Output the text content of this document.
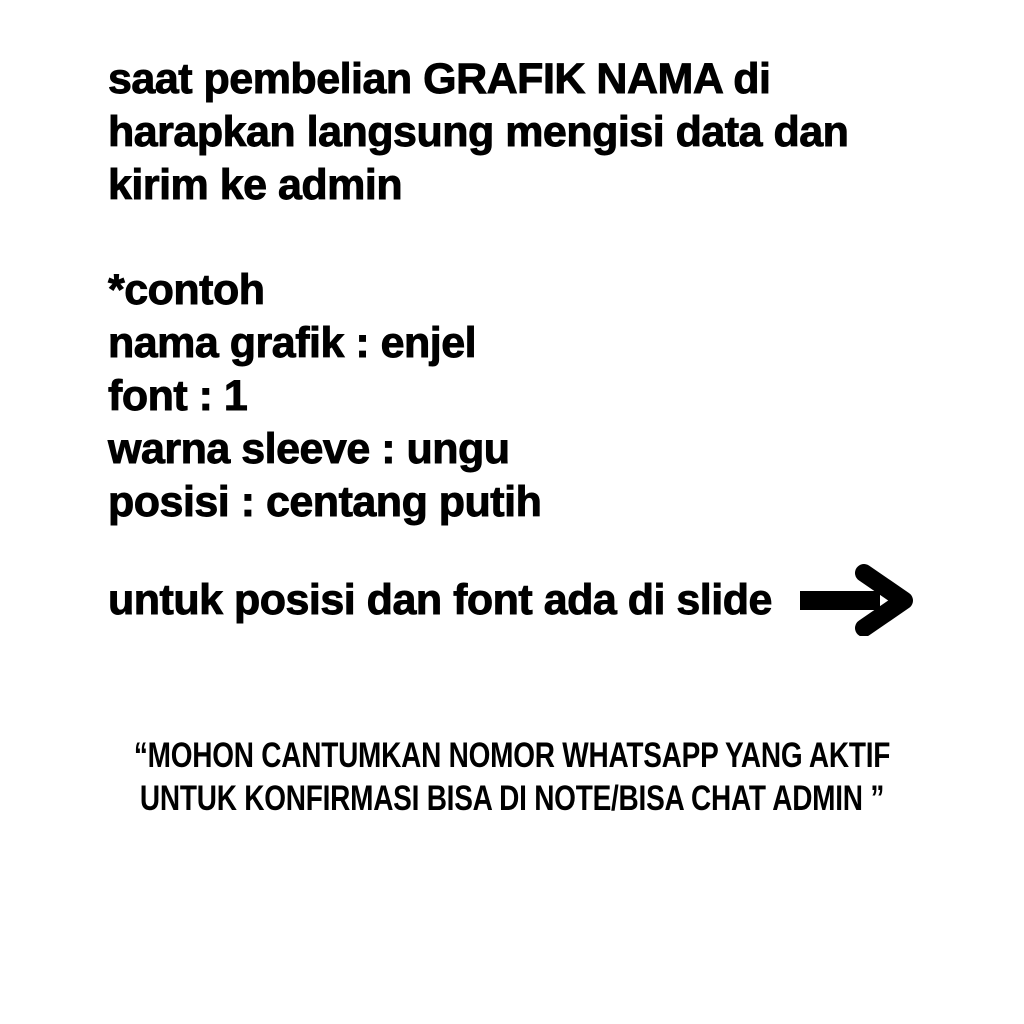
saat pembelian GRAFIK NAMA di
harapkan langsung mengisi data dan
kirim ke admin
*contoh
nama grafik : enjel
font : 1
warna sleeve : ungu
posisi : centang putih
untuk posisi dan font ada di slide
“MOHON CANTUMKAN NOMOR WHATSAPP YANG AKTIF
UNTUK KONFIRMASI BISA DI NOTE/BISA CHAT ADMIN ”
